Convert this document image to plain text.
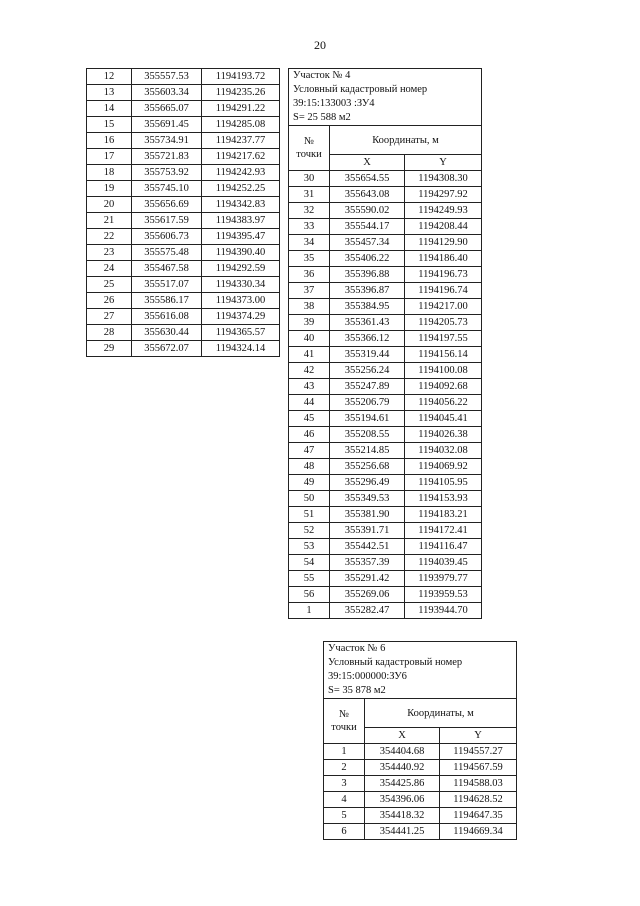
20
12	355557.53	1194193.72
13	355603.34	1194235.26
14	355665.07	1194291.22
15	355691.45	1194285.08
16	355734.91	1194237.77
17	355721.83	1194217.62
18	355753.92	1194242.93
19	355745.10	1194252.25
20	355656.69	1194342.83
21	355617.59	1194383.97
22	355606.73	1194395.47
23	355575.48	1194390.40
24	355467.58	1194292.59
25	355517.07	1194330.34
26	355586.17	1194373.00
27	355616.08	1194374.29
28	355630.44	1194365.57
29	355672.07	1194324.14
Участок № 4
Условный кадастровый номер
39:15:133003 :ЗУ4
S= 25 588 м2		

№
точки	Координаты, м	
	X	Y
30	355654.55	1194308.30
31	355643.08	1194297.92
32	355590.02	1194249.93
33	355544.17	1194208.44
34	355457.34	1194129.90
35	355406.22	1194186.40
36	355396.88	1194196.73
37	355396.87	1194196.74
38	355384.95	1194217.00
39	355361.43	1194205.73
40	355366.12	1194197.55
41	355319.44	1194156.14
42	355256.24	1194100.08
43	355247.89	1194092.68
44	355206.79	1194056.22
45	355194.61	1194045.41
46	355208.55	1194026.38
47	355214.85	1194032.08
48	355256.68	1194069.92
49	355296.49	1194105.95
50	355349.53	1194153.93
51	355381.90	1194183.21
52	355391.71	1194172.41
53	355442.51	1194116.47
54	355357.39	1194039.45
55	355291.42	1193979.77
56	355269.06	1193959.53
1	355282.47	1193944.70
Участок № 6
Условный кадастровый номер
39:15:000000:ЗУ6
S= 35 878 м2		

№
точки	Координаты, м	
	X	Y
1	354404.68	1194557.27
2	354440.92	1194567.59
3	354425.86	1194588.03
4	354396.06	1194628.52
5	354418.32	1194647.35
6	354441.25	1194669.34
